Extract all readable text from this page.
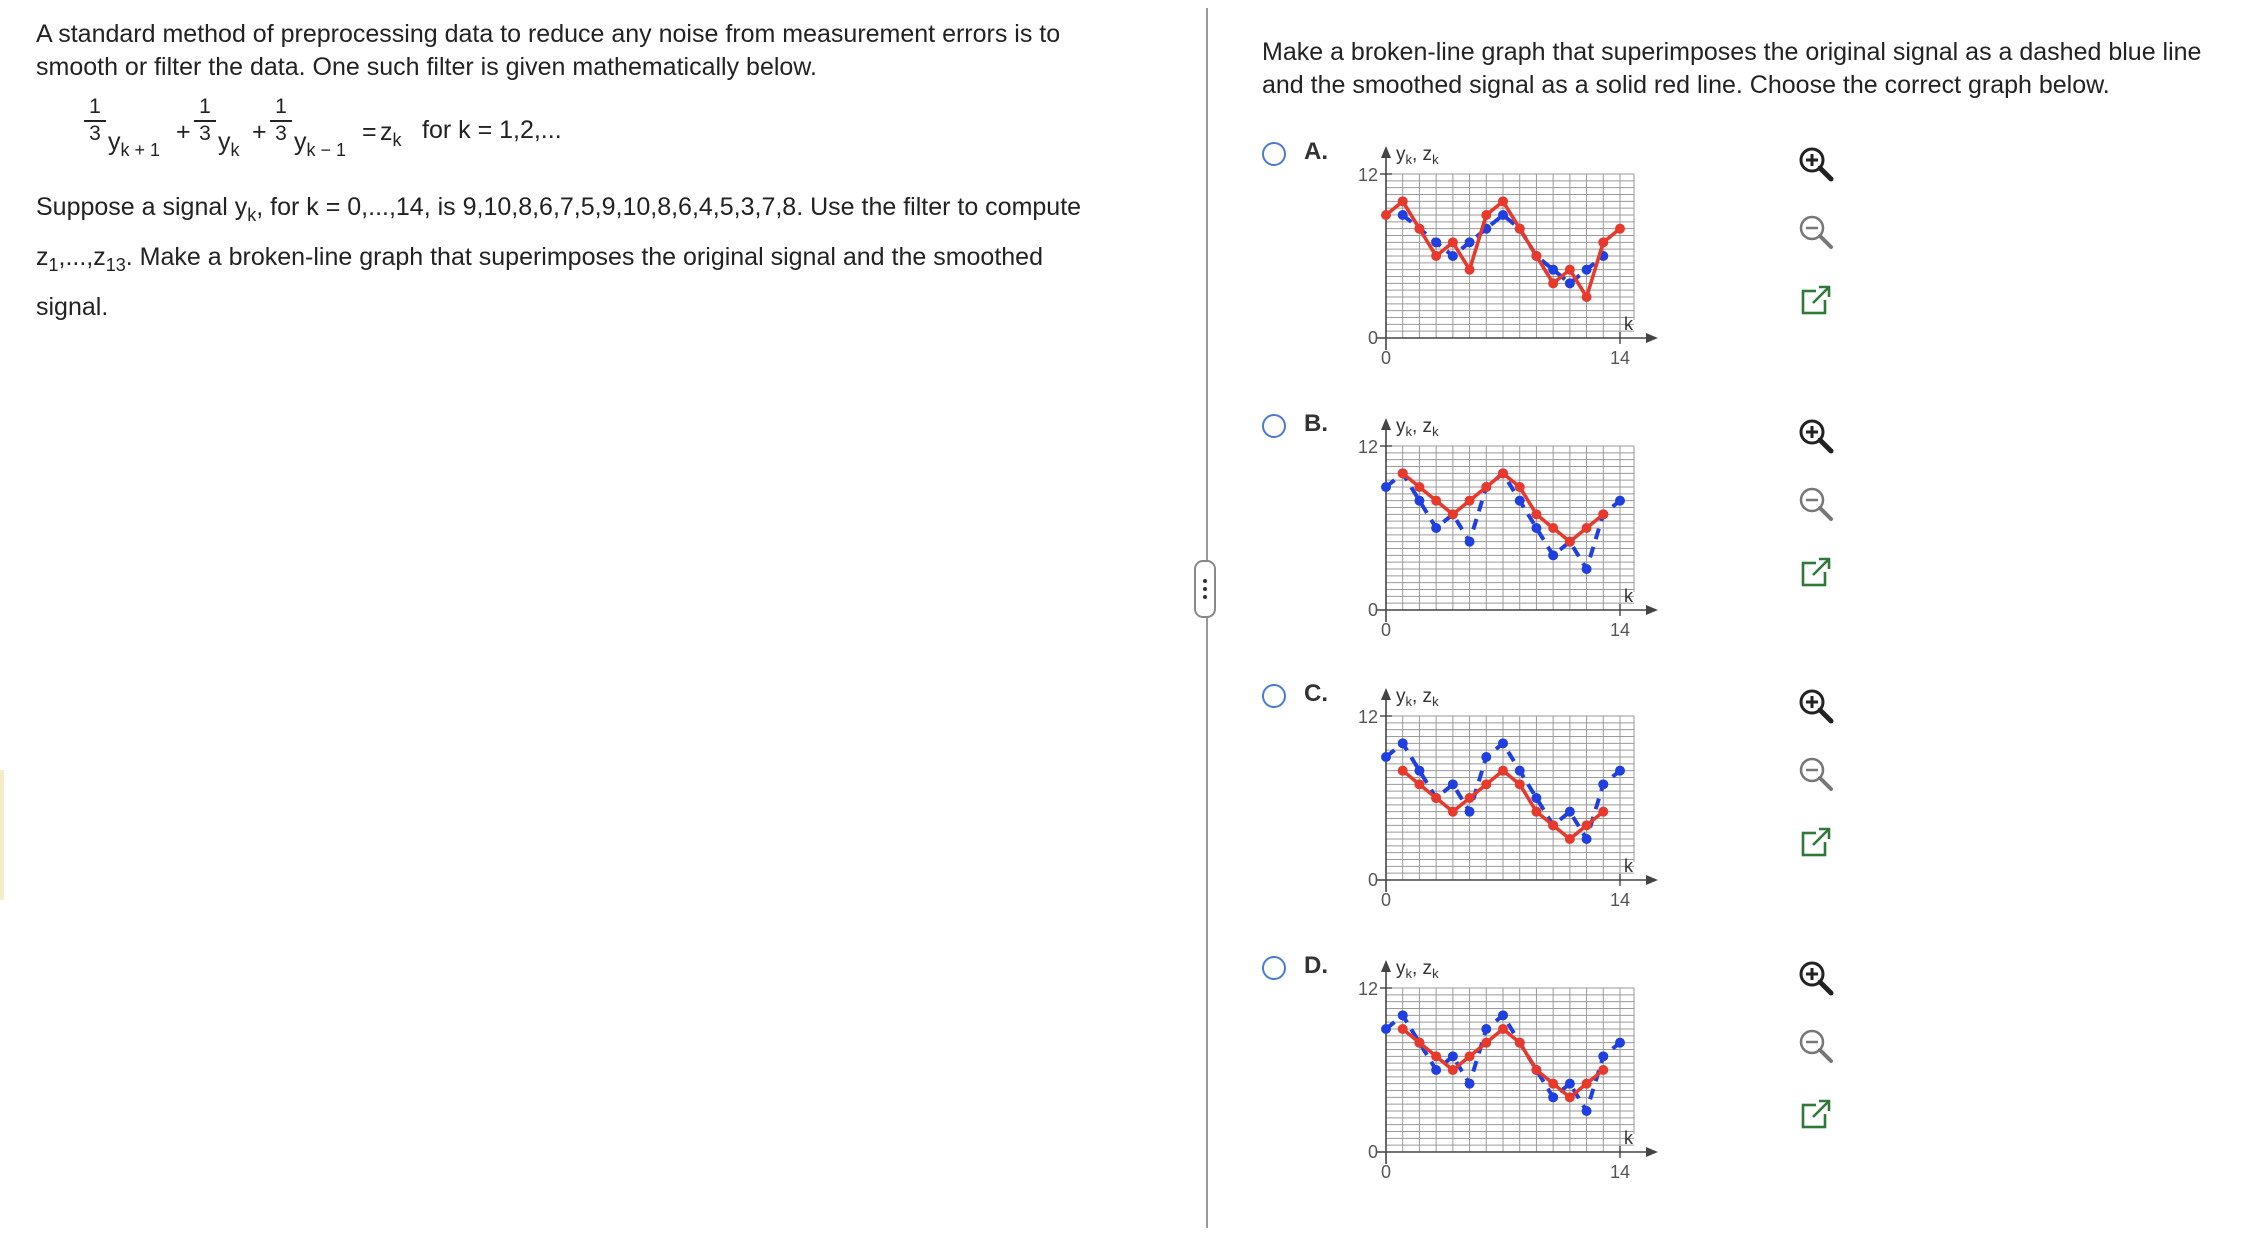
A standard method of preprocessing data to reduce any noise from measurement errors is to

smooth or filter the data. One such filter is given mathematically below.

1
3 $y_{k + 1}$
+
1
3 $y_k$
+
1
3 $y_{k - 1}$
= $z_k$ for k = 1,2,...

Suppose a signal $y_k$, for k = 0,...,14, is 9,10,8,6,7,5,9,10,8,6,4,5,3,7,8. Use the filter to compute
$z_1,...,z_{13}$. Make a broken-line graph that superimposes the original signal and the smoothed
signal.

Make a broken-line graph that superimposes the original signal as a dashed blue line
and the smoothed signal as a solid red line. Choose the correct graph below.
A.	$y_k$, $z_k$
k
12
0
0	14
B.	$y_k$, $z_k$
k
12
0
0	14
C.	$y_k$, $z_k$
k
12
0
0	14
D.	$y_k$, $z_k$
k
12
0
0	14
